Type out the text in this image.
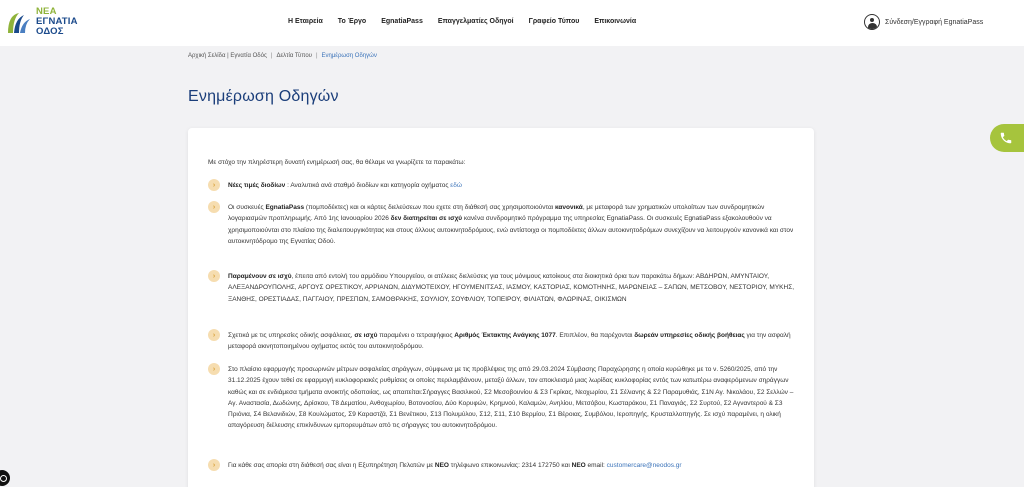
ΝΕΑ
ΕΓΝΑΤΙΑ
ΟΔΟΣ
Η Εταιρεία Το Έργο EgnatiaPass Επαγγελματίες Οδηγοί Γραφείο Τύπου Επικοινωνία	Σύνδεση/Εγγραφή EgnatiaPass
Αρχική Σελίδα | Εγνατία Οδός | Δελτία Τύπου | Ενημέρωση Οδηγών
Ενημέρωση Οδηγών
Με στόχο την πληρέστερη δυνατή ενημέρωσή σας, θα θέλαμε να γνωρίζετε τα παρακάτω:
›	Νέες τιμές διοδίων : Αναλυτικά ανά σταθμό διοδίων και κατηγορία οχήματος εδώ
›	Οι συσκευές EgnatiaPass (πομποδέκτες) και οι κάρτες διελεύσεων που εχετε στη διάθεσή σας χρησιμοποιούνται κανονικά, με μεταφορά των χρηματικών υπολοίπων των συνδρομητικών λογαριασμών προπληρωμής. Από 1ης Ιανουαρίου 2026 δεν διατηρείται σε ισχύ κανένα συνδρομητικό πρόγραμμα της υπηρεσίας EgnatiaPass. Οι συσκευές EgnatiaPass εξακολουθούν να χρησιμοποιούνται στο πλαίσιο της διαλειτουργικότητας και στους άλλους αυτοκινητοδρόμους, ενώ αντίστοιχα οι πομποδέκτες άλλων αυτοκινητοδρόμων συνεχίζουν να λειτουργούν κανονικά και στον αυτοκινητόδρομο της Εγνατίας Οδού.
›	Παραμένουν σε ισχύ, έπειτα από εντολή του αρμόδιου Υπουργείου, οι ατέλειες διελεύσεις για τους μόνιμους κατοίκους στα διοικητικά όρια των παρακάτω δήμων: ΑΒΔΗΡΩΝ, ΑΜΥΝΤΑΙΟΥ, ΑΛΕΞΑΝΔΡΟΥΠΟΛΗΣ, ΑΡΓΟΥΣ ΟΡΕΣΤΙΚΟΥ, ΑΡΡΙΑΝΩΝ, ΔΙΔΥΜΟΤΕΙΧΟΥ, ΗΓΟΥΜΕΝΙΤΣΑΣ, ΙΑΣΜΟΥ, ΚΑΣΤΟΡΙΑΣ, ΚΟΜΟΤΗΝΗΣ, ΜΑΡΩΝΕΙΑΣ – ΣΑΠΩΝ, ΜΕΤΣΟΒΟΥ, ΝΕΣΤΟΡΙΟΥ, ΜΥΚΗΣ, ΞΑΝΘΗΣ, ΟΡΕΣΤΙΑΔΑΣ, ΠΑΓΓΑΙΟΥ, ΠΡΕΣΠΩΝ, ΣΑΜΟΘΡΑΚΗΣ, ΣΟΥΛΙΟΥ, ΣΟΥΦΛΙΟΥ, ΤΟΠΕΙΡΟΥ, ΦΙΛΙΑΤΩΝ, ΦΛΩΡΙΝΑΣ, ΟΙΚΙΣΜΩΝ
›	Σχετικά με τις υπηρεσίες οδικής ασφάλειας, σε ισχύ παραμένει ο τετραψήφιος Αριθμός Έκτακτης Ανάγκης 1077. Επιπλέον, θα παρέχονται δωρεάν υπηρεσίες οδικής βοήθειας για την ασφαλή μεταφορά ακινητοποιημένου οχήματος εκτός του αυτοκινητοδρόμου.
›	Στο πλαίσιο εφαρμογής προσωρινών μέτρων ασφαλείας σηράγγων, σύμφωνα με τις προβλέψεις της από 29.03.2024 Σύμβασης Παραχώρησης η οποία κυρώθηκε με το ν. 5260/2025, από την 31.12.2025 έχουν τεθεί σε εφαρμογή κυκλοφοριακές ρυθμίσεις οι οποίες περιλαμβάνουν, μεταξύ άλλων, τον αποκλεισμό μιας λωρίδας κυκλοφορίας εντός των κατωτέρω αναφερόμενων σηράγγων καθώς και σε ενδιάμεσα τμήματα ανοικτής οδοποιίας, ως απαιτείται:Σήραγγες Βασιλικού, Σ2 Μεσοβουνίου & Σ3 Γκρίκας, Νεοχωρίου, Σ1 Σέλιανης & Σ2 Παραμυθιάς, Σ1Ν Αγ. Νικολάου, Σ2 Σελλών – Αγ. Αναστασία, Δωδώνης, Δρίσκου, Τ8 Δεματίου, Ανθοχωρίου, Βοτονοσίου, Δύο Κορυφών, Κρημνού, Καλαμών, Ανηλίου, Μετσόβου, Κωσταράκου, Σ1 Παναγιάς, Σ2 Συρτού, Σ2 Αγναντερού & Σ3 Πριόνια, Σ4 Βελανιδιών, Σ8 Κουλώματος, Σ9 Καραστζά, Σ1 Βενέτικου, Σ13 Πολυμύλου, Σ12, Σ11, Σ10 Βερμίου, Σ1 Βέροιας, Συμβόλου, Ιεροπηγής, Κρυσταλλοπηγής. Σε ισχύ παραμένει, η ολική απαγόρευση διέλευσης επικίνδυνων εμπορευμάτων από τις σήραγγες του αυτοκινητοδρόμου.
›	Για κάθε σας απορία στη διάθεσή σας είναι η Εξυπηρέτηση Πελατών με ΝΕΟ τηλέφωνο επικοινωνίας: 2314 172750 και ΝΕΟ email: customercare@neodos.gr
